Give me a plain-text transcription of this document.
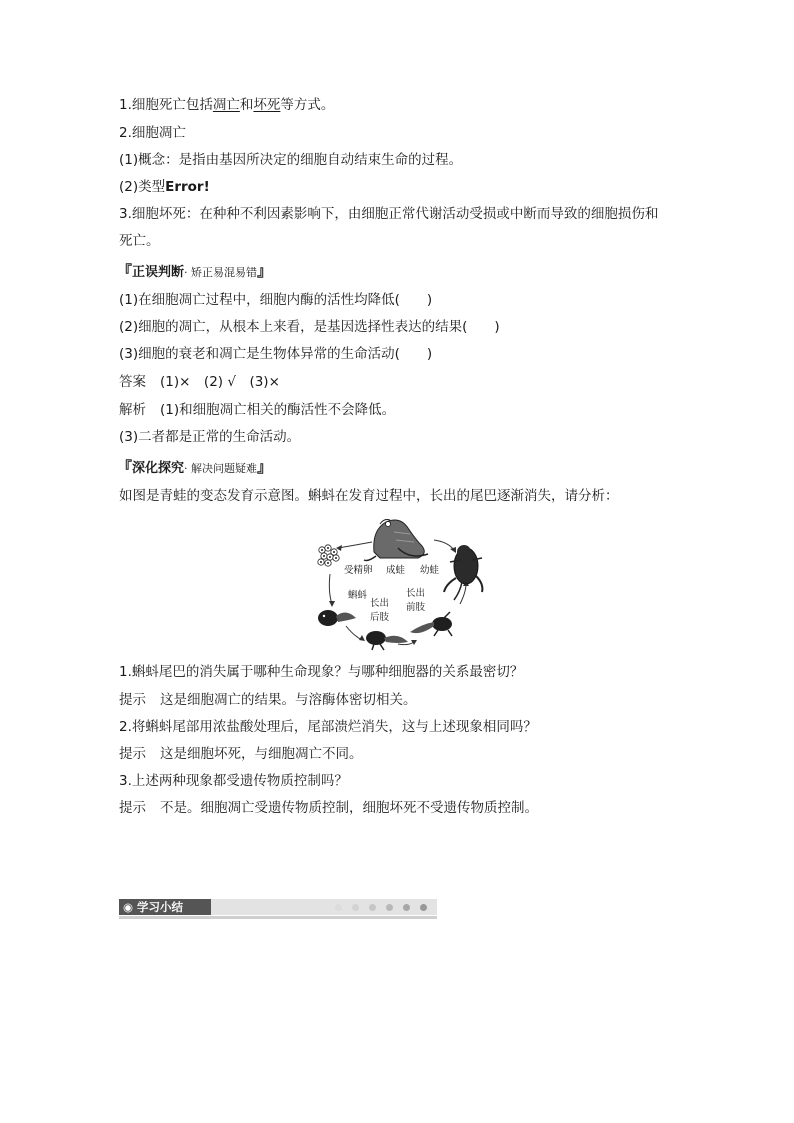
1.细胞死亡包括凋亡和坏死等方式。
2.细胞凋亡
(1)概念：是指由基因所决定的细胞自动结束生命的过程。
(2)类型Error!
3.细胞坏死：在种种不利因素影响下，由细胞正常代谢活动受损或中断而导致的细胞损伤和
死亡。
『正误判断· 矫正易混易错』
(1)在细胞凋亡过程中，细胞内酶的活性均降低(　　)
(2)细胞的凋亡，从根本上来看，是基因选择性表达的结果(　　)
(3)细胞的衰老和凋亡是生物体异常的生命活动(　　)
答案 (1)×　(2) √　(3)×
解析 (1)和细胞凋亡相关的酶活性不会降低。
(3)二者都是正常的生命活动。
『深化探究· 解决问题疑难』
如图是青蛙的变态发育示意图。蝌蚪在发育过程中，长出的尾巴逐渐消失，请分析：
受精卵 成蛙 幼蛙
蝌蚪
长出
后肢
长出
前肢
1.蝌蚪尾巴的消失属于哪种生命现象？与哪种细胞器的关系最密切？
提示 这是细胞凋亡的结果。与溶酶体密切相关。
2.将蝌蚪尾部用浓盐酸处理后，尾部溃烂消失，这与上述现象相同吗？
提示 这是细胞坏死，与细胞凋亡不同。
3.上述两种现象都受遗传物质控制吗？
提示 不是。细胞凋亡受遗传物质控制，细胞坏死不受遗传物质控制。
◉ 学习小结
